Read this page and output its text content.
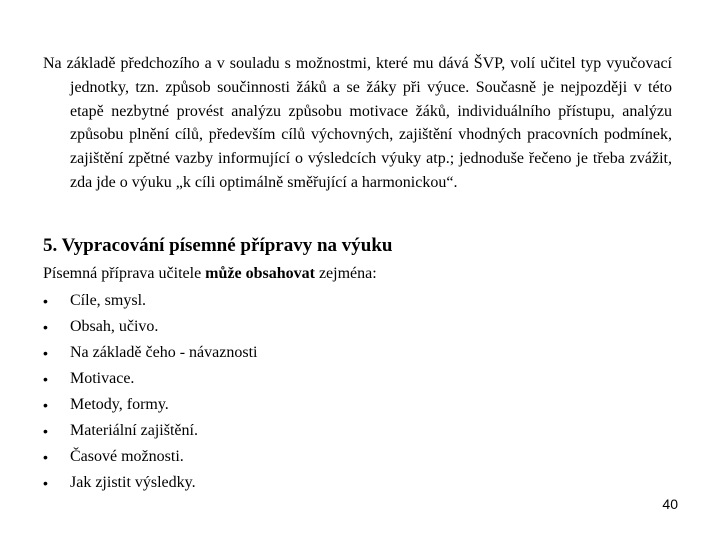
Na základě předchozího a v souladu s možnostmi, které mu dává ŠVP, volí učitel typ vyučovací jednotky, tzn. způsob součinnosti žáků a se žáky při výuce. Současně je nejpozději v této etapě nezbytné provést analýzu způsobu motivace žáků, individuálního přístupu, analýzu způsobu plnění cílů, především cílů výchovných, zajištění vhodných pracovních podmínek, zajištění zpětné vazby informující o výsledcích výuky atp.; jednoduše řečeno je třeba zvážit, zda jde o výuku „k cíli optimálně směřující a harmonickou“.

5. Vypracování písemné přípravy na výuku

Písemná příprava učitele může obsahovat zejména:

• Cíle, smysl.
• Obsah, učivo.
• Na základě čeho - návaznosti
• Motivace.
• Metody, formy.
• Materiální zajištění.
• Časové možnosti.
• Jak zjistit výsledky.
40
